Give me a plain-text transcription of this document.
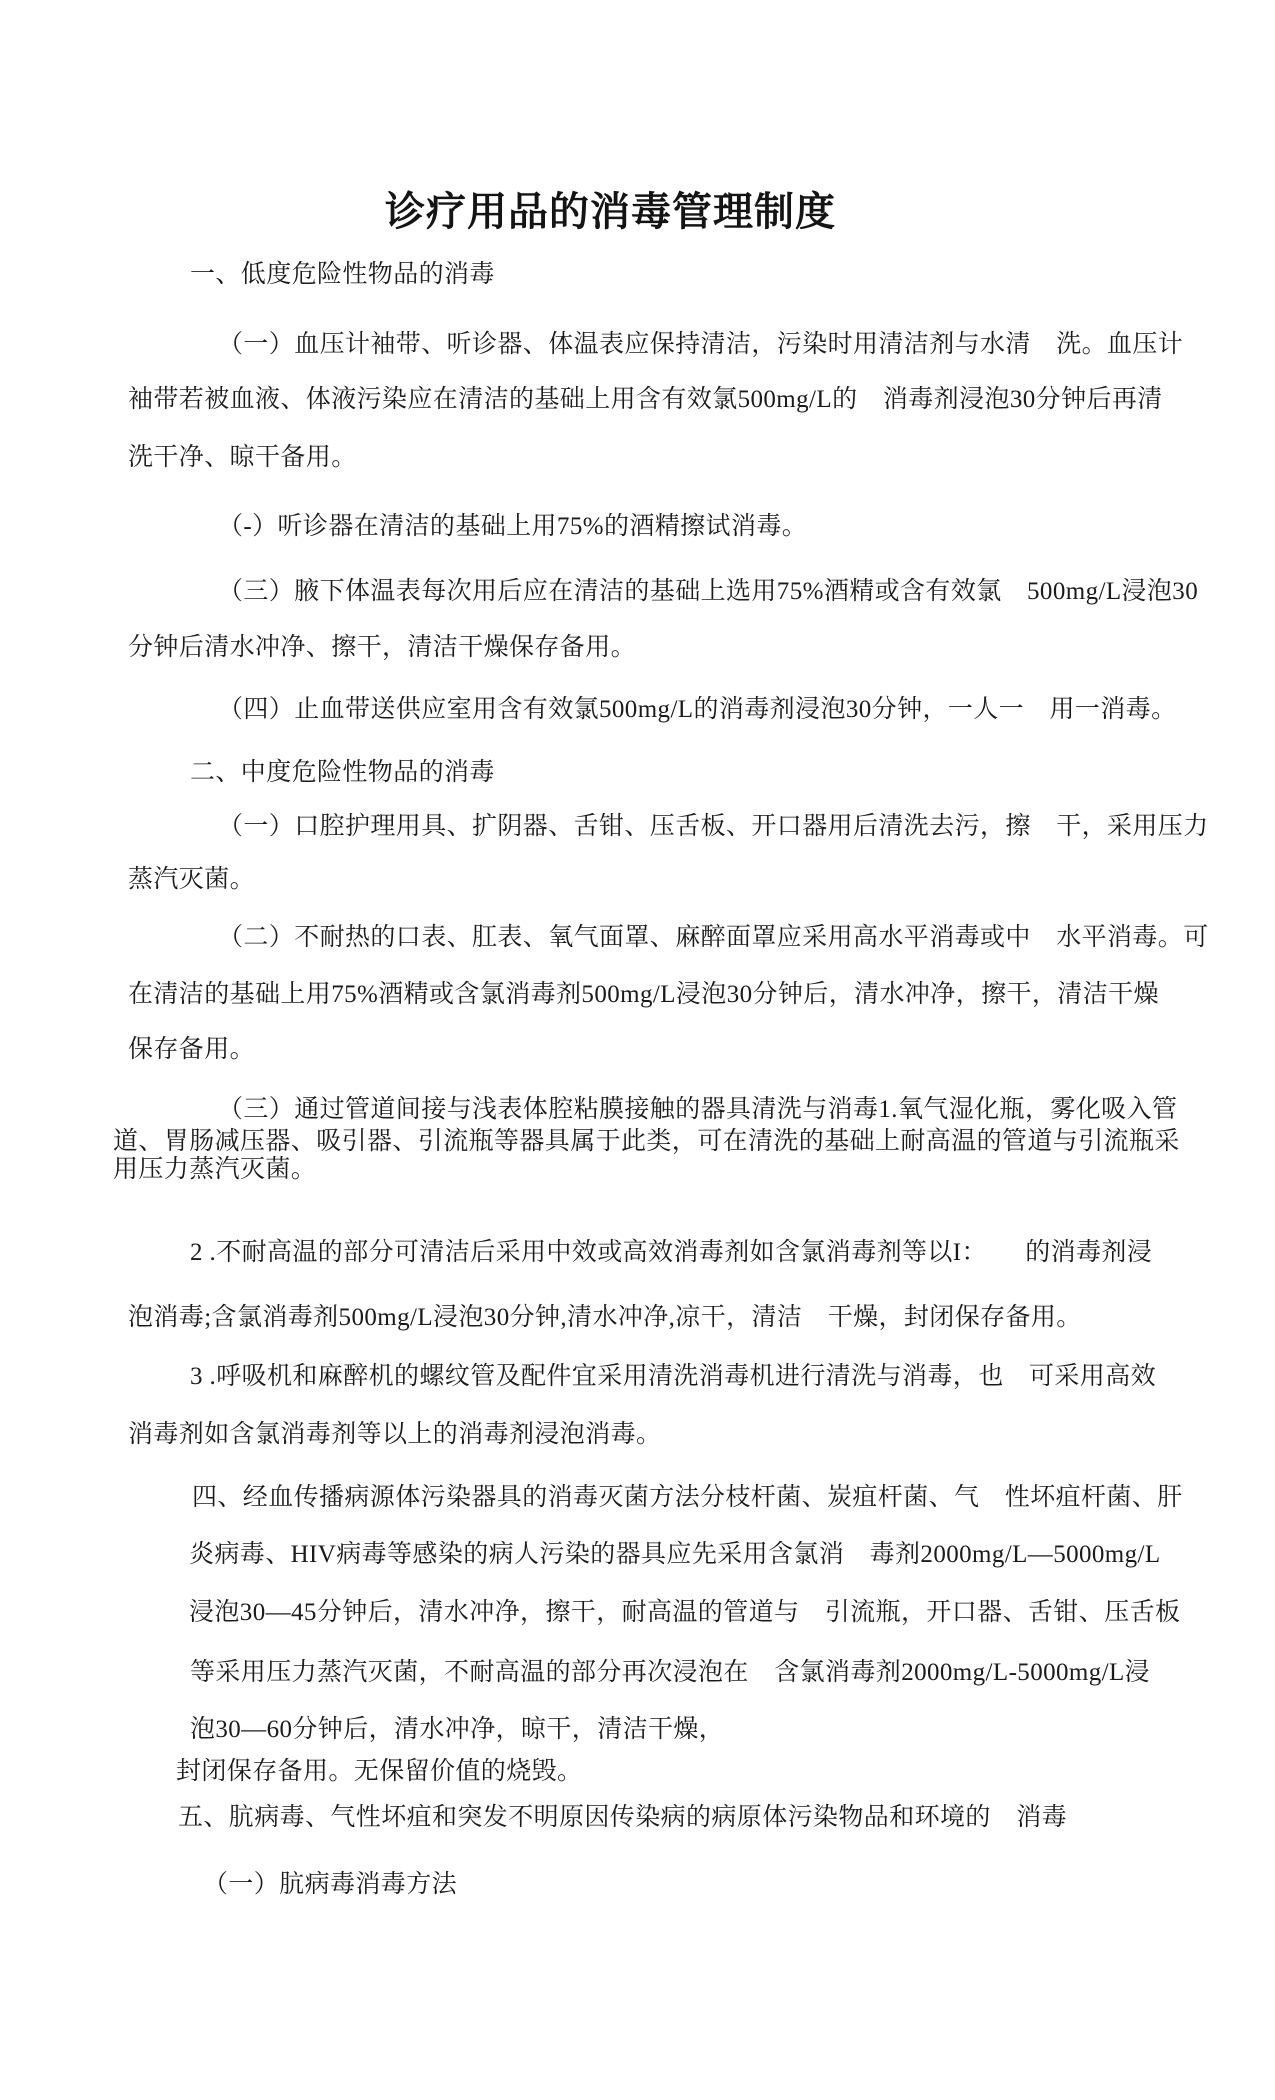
诊疗用品的消毒管理制度
一、低度危险性物品的消毒
（一）血压计袖带、听诊器、体温表应保持清洁，污染时用清洁剂与水清　洗。血压计
袖带若被血液、体液污染应在清洁的基础上用含有效氯500mg/L的　消毒剂浸泡30分钟后再清
洗干净、晾干备用。
（-）听诊器在清洁的基础上用75%的酒精擦试消毒。
（三）腋下体温表每次用后应在清洁的基础上选用75%酒精或含有效氯　500mg/L浸泡30
分钟后清水冲净、擦干，清洁干燥保存备用。
（四）止血带送供应室用含有效氯500mg/L的消毒剂浸泡30分钟，一人一　用一消毒。
二、中度危险性物品的消毒
（一）口腔护理用具、扩阴器、舌钳、压舌板、开口器用后清洗去污，擦　干，采用压力
蒸汽灭菌。
（二）不耐热的口表、肛表、氧气面罩、麻醉面罩应采用高水平消毒或中　水平消毒。可
在清洁的基础上用75%酒精或含氯消毒剂500mg/L浸泡30分钟后，清水冲净，擦干，清洁干燥
保存备用。
（三）通过管道间接与浅表体腔粘膜接触的器具清洗与消毒1.氧气湿化瓶，雾化吸入管
道、胃肠减压器、吸引器、引流瓶等器具属于此类，可在清洗的基础上耐高温的管道与引流瓶采
用压力蒸汽灭菌。
2 .不耐高温的部分可清洁后采用中效或高效消毒剂如含氯消毒剂等以I：　　的消毒剂浸
泡消毒;含氯消毒剂500mg/L浸泡30分钟,清水冲净,凉干，清洁　干燥，封闭保存备用。
3 .呼吸机和麻醉机的螺纹管及配件宜采用清洗消毒机进行清洗与消毒，也　可采用高效
消毒剂如含氯消毒剂等以上的消毒剂浸泡消毒。
四、经血传播病源体污染器具的消毒灭菌方法分枝杆菌、炭疽杆菌、气　性坏疽杆菌、肝
炎病毒、HIV病毒等感染的病人污染的器具应先采用含氯消　毒剂2000mg/L—5000mg/L
浸泡30—45分钟后，清水冲净，擦干，耐高温的管道与　引流瓶，开口器、舌钳、压舌板
等采用压力蒸汽灭菌，不耐高温的部分再次浸泡在　含氯消毒剂2000mg/L-5000mg/L浸
泡30—60分钟后，清水冲净，晾干，清洁干燥，
封闭保存备用。无保留价值的烧毁。
五、肮病毒、气性坏疽和突发不明原因传染病的病原体污染物品和环境的　消毒
（一）肮病毒消毒方法
